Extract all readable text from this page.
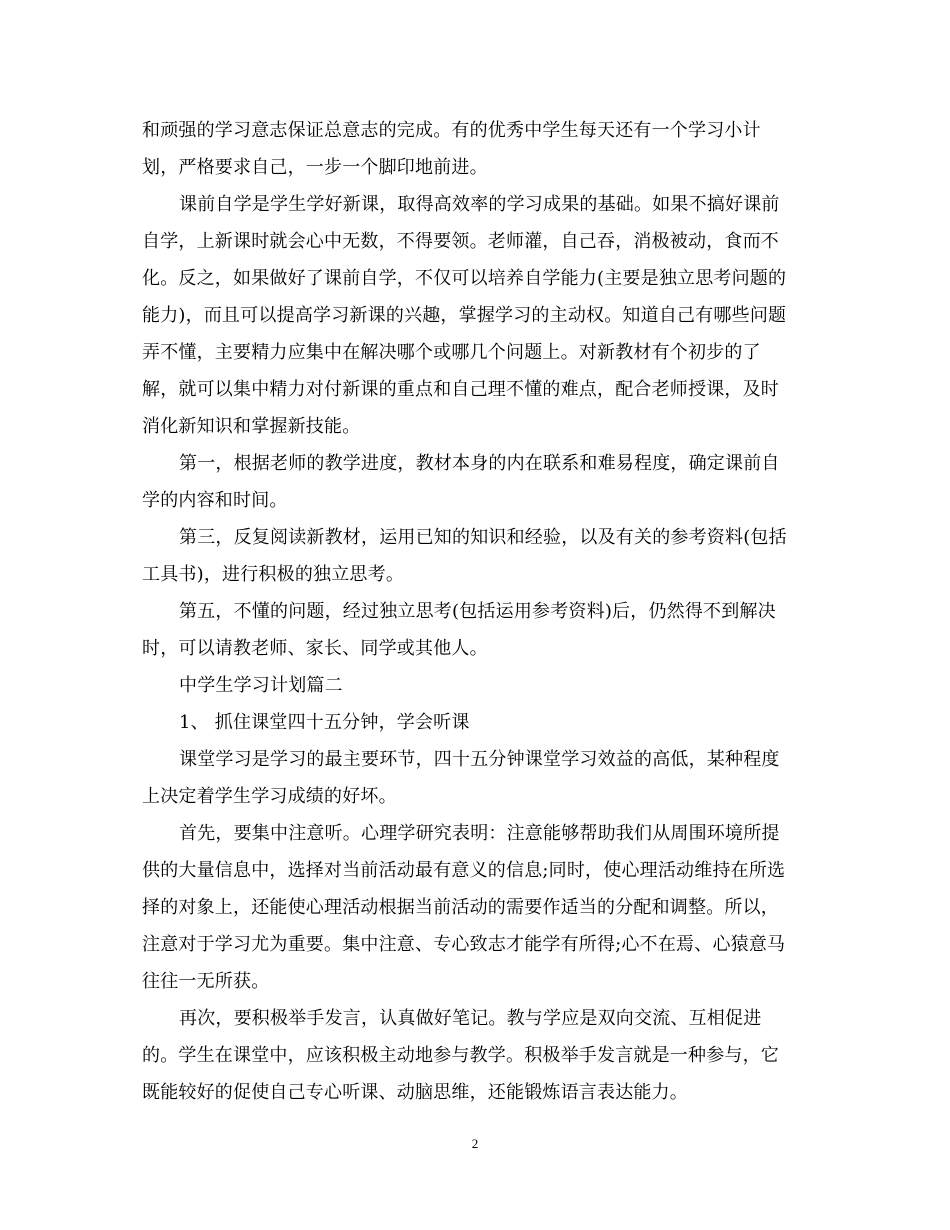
和顽强的学习意志保证总意志的完成。有的优秀中学生每天还有一个学习小计
划，严格要求自己，一步一个脚印地前进。
课前自学是学生学好新课，取得高效率的学习成果的基础。如果不搞好课前
自学，上新课时就会心中无数，不得要领。老师灌，自己吞，消极被动，食而不
化。反之，如果做好了课前自学，不仅可以培养自学能力(主要是独立思考问题的
能力)，而且可以提高学习新课的兴趣，掌握学习的主动权。知道自己有哪些问题
弄不懂，主要精力应集中在解决哪个或哪几个问题上。对新教材有个初步的了
解，就可以集中精力对付新课的重点和自己理不懂的难点，配合老师授课，及时
消化新知识和掌握新技能。
第一，根据老师的教学进度，教材本身的内在联系和难易程度，确定课前自
学的内容和时间。
第三，反复阅读新教材，运用已知的知识和经验，以及有关的参考资料(包括
工具书)，进行积极的独立思考。
第五，不懂的问题，经过独立思考(包括运用参考资料)后，仍然得不到解决
时，可以请教老师、家长、同学或其他人。
中学生学习计划篇二
1、 抓住课堂四十五分钟，学会听课
课堂学习是学习的最主要环节，四十五分钟课堂学习效益的高低，某种程度
上决定着学生学习成绩的好坏。
首先，要集中注意听。心理学研究表明：注意能够帮助我们从周围环境所提
供的大量信息中，选择对当前活动最有意义的信息;同时，使心理活动维持在所选
择的对象上，还能使心理活动根据当前活动的需要作适当的分配和调整。所以，
注意对于学习尤为重要。集中注意、专心致志才能学有所得;心不在焉、心猿意马
往往一无所获。
再次，要积极举手发言，认真做好笔记。教与学应是双向交流、互相促进
的。学生在课堂中，应该积极主动地参与教学。积极举手发言就是一种参与，它
既能较好的促使自己专心听课、动脑思维，还能锻炼语言表达能力。
2
